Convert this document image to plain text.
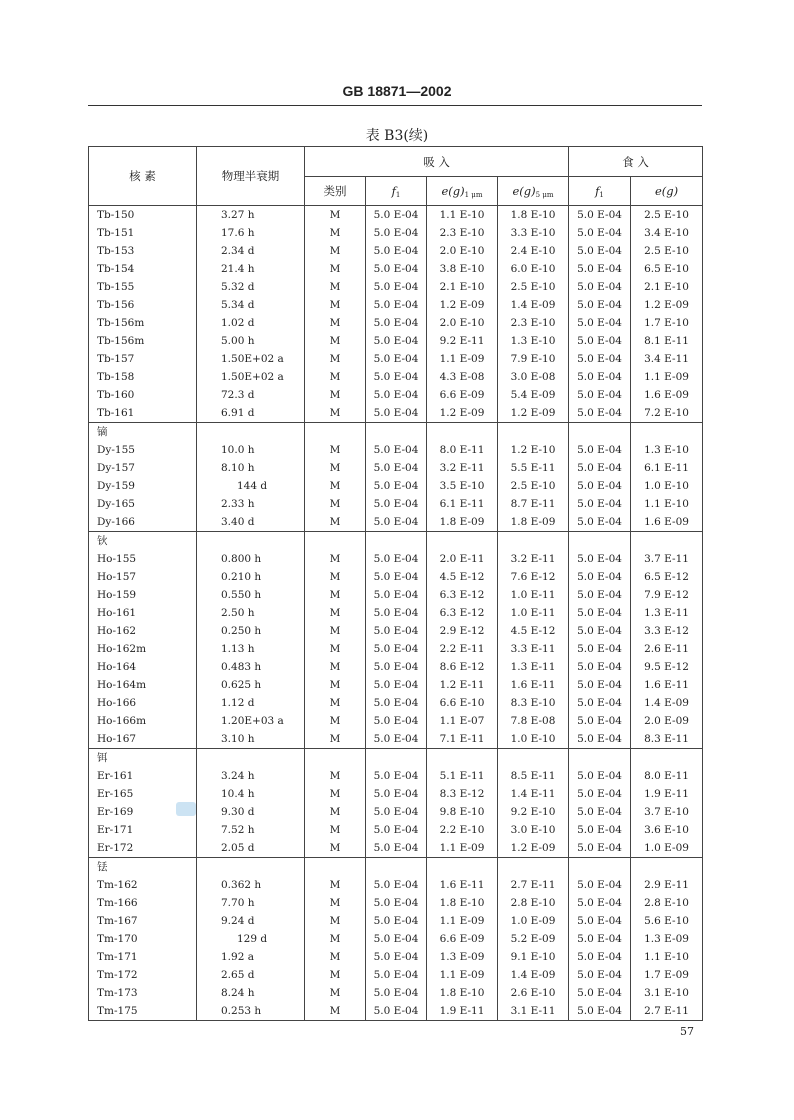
GB 18871—2002
表 B3(续)
核 素	物理半衰期	吸 入				食 入	
		类别	$f_1$	$e(g)_{1 \mu m}$	$e(g)_{5 \mu m}$	$f_1$	e(g)
Tb-150	3.27 h	M	5.0 E-04	1.1 E-10	1.8 E-10	5.0 E-04	2.5 E-10
Tb-151	17.6 h	M	5.0 E-04	2.3 E-10	3.3 E-10	5.0 E-04	3.4 E-10
Tb-153	2.34 d	M	5.0 E-04	2.0 E-10	2.4 E-10	5.0 E-04	2.5 E-10
Tb-154	21.4 h	M	5.0 E-04	3.8 E-10	6.0 E-10	5.0 E-04	6.5 E-10
Tb-155	5.32 d	M	5.0 E-04	2.1 E-10	2.5 E-10	5.0 E-04	2.1 E-10
Tb-156	5.34 d	M	5.0 E-04	1.2 E-09	1.4 E-09	5.0 E-04	1.2 E-09
Tb-156m	1.02 d	M	5.0 E-04	2.0 E-10	2.3 E-10	5.0 E-04	1.7 E-10
Tb-156m	5.00 h	M	5.0 E-04	9.2 E-11	1.3 E-10	5.0 E-04	8.1 E-11
Tb-157	1.50E+02 a	M	5.0 E-04	1.1 E-09	7.9 E-10	5.0 E-04	3.4 E-11
Tb-158	1.50E+02 a	M	5.0 E-04	4.3 E-08	3.0 E-08	5.0 E-04	1.1 E-09
Tb-160	72.3 d	M	5.0 E-04	6.6 E-09	5.4 E-09	5.0 E-04	1.6 E-09
Tb-161	6.91 d	M	5.0 E-04	1.2 E-09	1.2 E-09	5.0 E-04	7.2 E-10
镝							
Dy-155	10.0 h	M	5.0 E-04	8.0 E-11	1.2 E-10	5.0 E-04	1.3 E-10
Dy-157	8.10 h	M	5.0 E-04	3.2 E-11	5.5 E-11	5.0 E-04	6.1 E-11
Dy-159	144 d	M	5.0 E-04	3.5 E-10	2.5 E-10	5.0 E-04	1.0 E-10
Dy-165	2.33 h	M	5.0 E-04	6.1 E-11	8.7 E-11	5.0 E-04	1.1 E-10
Dy-166	3.40 d	M	5.0 E-04	1.8 E-09	1.8 E-09	5.0 E-04	1.6 E-09
钬							
Ho-155	0.800 h	M	5.0 E-04	2.0 E-11	3.2 E-11	5.0 E-04	3.7 E-11
Ho-157	0.210 h	M	5.0 E-04	4.5 E-12	7.6 E-12	5.0 E-04	6.5 E-12
Ho-159	0.550 h	M	5.0 E-04	6.3 E-12	1.0 E-11	5.0 E-04	7.9 E-12
Ho-161	2.50 h	M	5.0 E-04	6.3 E-12	1.0 E-11	5.0 E-04	1.3 E-11
Ho-162	0.250 h	M	5.0 E-04	2.9 E-12	4.5 E-12	5.0 E-04	3.3 E-12
Ho-162m	1.13 h	M	5.0 E-04	2.2 E-11	3.3 E-11	5.0 E-04	2.6 E-11
Ho-164	0.483 h	M	5.0 E-04	8.6 E-12	1.3 E-11	5.0 E-04	9.5 E-12
Ho-164m	0.625 h	M	5.0 E-04	1.2 E-11	1.6 E-11	5.0 E-04	1.6 E-11
Ho-166	1.12 d	M	5.0 E-04	6.6 E-10	8.3 E-10	5.0 E-04	1.4 E-09
Ho-166m	1.20E+03 a	M	5.0 E-04	1.1 E-07	7.8 E-08	5.0 E-04	2.0 E-09
Ho-167	3.10 h	M	5.0 E-04	7.1 E-11	1.0 E-10	5.0 E-04	8.3 E-11
铒							
Er-161	3.24 h	M	5.0 E-04	5.1 E-11	8.5 E-11	5.0 E-04	8.0 E-11
Er-165	10.4 h	M	5.0 E-04	8.3 E-12	1.4 E-11	5.0 E-04	1.9 E-11
Er-169	9.30 d	M	5.0 E-04	9.8 E-10	9.2 E-10	5.0 E-04	3.7 E-10
Er-171	7.52 h	M	5.0 E-04	2.2 E-10	3.0 E-10	5.0 E-04	3.6 E-10
Er-172	2.05 d	M	5.0 E-04	1.1 E-09	1.2 E-09	5.0 E-04	1.0 E-09
铥							
Tm-162	0.362 h	M	5.0 E-04	1.6 E-11	2.7 E-11	5.0 E-04	2.9 E-11
Tm-166	7.70 h	M	5.0 E-04	1.8 E-10	2.8 E-10	5.0 E-04	2.8 E-10
Tm-167	9.24 d	M	5.0 E-04	1.1 E-09	1.0 E-09	5.0 E-04	5.6 E-10
Tm-170	129 d	M	5.0 E-04	6.6 E-09	5.2 E-09	5.0 E-04	1.3 E-09
Tm-171	1.92 a	M	5.0 E-04	1.3 E-09	9.1 E-10	5.0 E-04	1.1 E-10
Tm-172	2.65 d	M	5.0 E-04	1.1 E-09	1.4 E-09	5.0 E-04	1.7 E-09
Tm-173	8.24 h	M	5.0 E-04	1.8 E-10	2.6 E-10	5.0 E-04	3.1 E-10
Tm-175	0.253 h	M	5.0 E-04	1.9 E-11	3.1 E-11	5.0 E-04	2.7 E-11
57
